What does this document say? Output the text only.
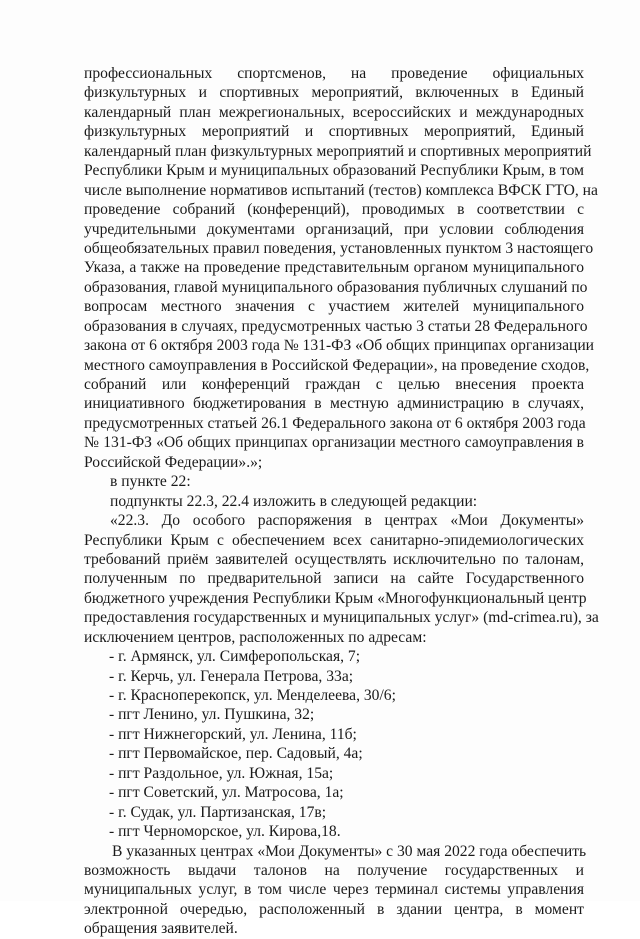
профессиональных спортсменов, на проведение официальных
физкультурных и спортивных мероприятий, включенных в Единый
календарный план межрегиональных, всероссийских и международных
физкультурных мероприятий и спортивных мероприятий, Единый
календарный план физкультурных мероприятий и спортивных мероприятий
Республики Крым и муниципальных образований Республики Крым, в том
числе выполнение нормативов испытаний (тестов) комплекса ВФСК ГТО, на
проведение собраний (конференций), проводимых в соответствии с
учредительными документами организаций, при условии соблюдения
общеобязательных правил поведения, установленных пунктом 3 настоящего
Указа, а также на проведение представительным органом муниципального
образования, главой муниципального образования публичных слушаний по
вопросам местного значения с участием жителей муниципального
образования в случаях, предусмотренных частью 3 статьи 28 Федерального
закона от 6 октября 2003 года № 131-ФЗ «Об общих принципах организации
местного самоуправления в Российской Федерации», на проведение сходов,
собраний или конференций граждан с целью внесения проекта
инициативного бюджетирования в местную администрацию в случаях,
предусмотренных статьей 26.1 Федерального закона от 6 октября 2003 года
№ 131-ФЗ «Об общих принципах организации местного самоуправления в
Российской Федерации».»;
в пункте 22:
подпункты 22.3, 22.4 изложить в следующей редакции:
«22.3. До особого распоряжения в центрах «Мои Документы»
Республики Крым с обеспечением всех санитарно-эпидемиологических
требований приём заявителей осуществлять исключительно по талонам,
полученным по предварительной записи на сайте Государственного
бюджетного учреждения Республики Крым «Многофункциональный центр
предоставления государственных и муниципальных услуг» (md-crimea.ru), за
исключением центров, расположенных по адресам:
- г. Армянск, ул. Симферопольская, 7;
- г. Керчь, ул. Генерала Петрова, 33а;
- г. Красноперекопск, ул. Менделеева, 30/6;
- пгт Ленино, ул. Пушкина, 32;
- пгт Нижнегорский, ул. Ленина, 11б;
- пгт Первомайское, пер. Садовый, 4а;
- пгт Раздольное, ул. Южная, 15а;
- пгт Советский, ул. Матросова, 1а;
- г. Судак, ул. Партизанская, 17в;
- пгт Черноморское, ул. Кирова,18.
В указанных центрах «Мои Документы» с 30 мая 2022 года обеспечить
возможность выдачи талонов на получение государственных и
муниципальных услуг, в том числе через терминал системы управления
электронной очередью, расположенный в здании центра, в момент
обращения заявителей.
